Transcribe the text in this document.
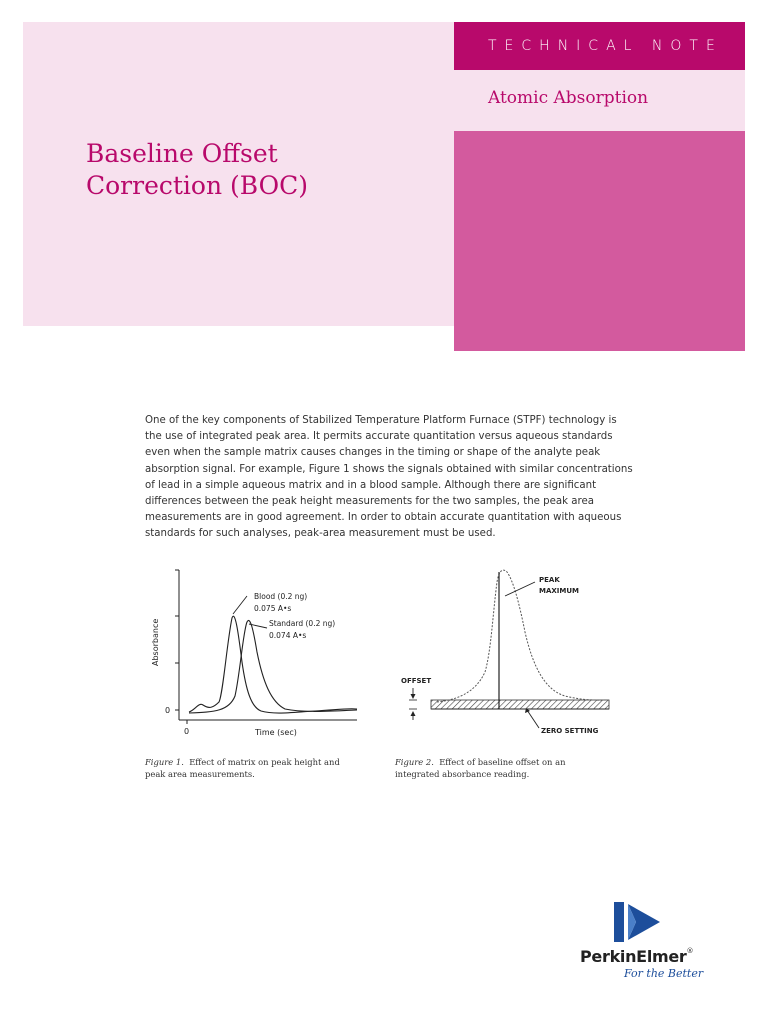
TECHNICAL NOTE
Atomic Absorption
Baseline Offset
Correction (BOC)
One of the key components of Stabilized Temperature Platform Furnace (STPF) technology is
the use of integrated peak area. It permits accurate quantitation versus aqueous standards
even when the sample matrix causes changes in the timing or shape of the analyte peak
absorption signal. For example, Figure 1 shows the signals obtained with similar concentrations
of lead in a simple aqueous matrix and in a blood sample. Although there are significant
differences between the peak height measurements for the two samples, the peak area
measurements are in good agreement. In order to obtain accurate quantitation with aqueous
standards for such analyses, peak-area measurement must be used.
Absorbance
0
0	Time (sec)
Blood (0.2 ng)
0.075 A•s
Standard (0.2 ng)
0.074 A•s
PEAK
MAXIMUM
OFFSET
ZERO SETTING
Figure 1. Effect of matrix on peak height and peak area measurements.
Figure 2. Effect of baseline offset on an integrated absorbance reading.
PerkinElmer®
For the Better
